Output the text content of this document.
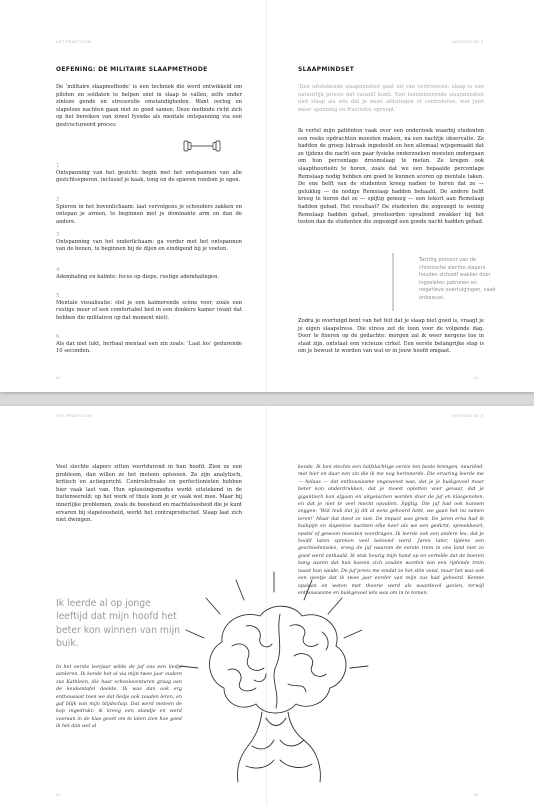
HET PRACTICUM
OEFENING: DE MILITAIRE SLAAPMETHODE

De ‘militaire slaapmethode’ is een techniek die werd ontwikkeld om piloten en soldaten te helpen snel in slaap te vallen, zelfs onder zinloze gende en stressvolle omstandigheden. Want oorlog en slapeloze nachten gaan niet zo goed samen. Deze methode richt zich op het bereiken van zowel fysieke als mentale ontspanning via een gestructureerd proces:

1
Ontspanning van het gezicht: begin met het ontspannen van alle gezichtsspieren, inclusief je kaak, tong en de spieren rondom je ogen.
2
Spieren in het bovenlichaam: laat vervolgens je schouders zakken en ontspan je armen, te beginnen met je dominante arm en dan de andere.
3
Ontspanning van het onderlichaam: ga verder met het ontspannen van de benen, te beginnen bij de dijen en eindigend bij je voeten.
4
Ademhaling en kalmte: focus op diepe, rustige ademhalingen.
5
Mentale visualisatie: stel je een kalmerende scène voor, zoals een rustige meer of een comfortabel bed in een donkere kamer (want dat hebben die militairen op dat moment niet).
6
Als dat niet lukt, herhaal mentaal een zin zoals: ‘Laat los’ gedurende 10 seconden.
60
HOOFDSTUK 3
SLAAPMINDSET

‘Een uitstekende slaapmindset gaat uit van vertrouwen: slaap is een natuurlijk proces dat vanzelf komt. Een belemmerende slaapmindset niet slaap als iets dat je moet afdwingen of controleren, wat juist meer spanning en frustratie oproept.’

Ik vertel mijn patiënten vaak over een onderzoek waarbij studenten een reeks opdrachten moesten maken, na een nachtje observatie. Ze hadden de groep lukraak ingedeeld en hen allemaal wijsgemaakt dat ze tijdens die nacht een paar fysieke onderzoeken moesten ondergaan om hun percentage droomslaap te meten. Ze kregen ook slaaptheorieën te horen, zoals dat we een bepaalde percentage Remslaap nodig hebben om goed te kunnen scoren op mentale taken. De ene helft van de studenten kreeg nadien te horen dat ze — gelukkig — de nodige Remslaap hadden behaald. De andere helft kreeg te horen dat ze — spijtig genoeg — een tekort aan Remslaap hadden gehad. Het resultaat? De studenten die zogezegd te weinig Remslaap hadden gehad, presteerden opvallend zwakker bij het testen dan de studenten die zogezegd een goede nacht hadden gehad.

Tachtig procent van de chronische slechte slapers houden zichzelf wakker door ingesleten patronen en negatieve overtuigingen, vaak onbewust.

Zodra je overtuigd bent van het feit dat je slaap niet goed is, vraagt je je eigen slaapstress. Die stress zet de toon voor de volgende dag. Door te fixeren op de gedachte: morgen zal ik weer nergens toe in staat zijn, ontstaat een vicieuze cirkel. Een eerste belangrijke stap is om je bewust te worden van wat er in jouw hoofd omgaat.

61
HET PRACTICUM	HOOFDSTUK 3

Veel slechte slapers zitten voortdurend in hun hoofd. Zien ze een probleem, dan willen ze het meteen oplossen. Ze zijn analytisch, kritisch en actiegericht. Controlefreaks en perfectionisten hebben hier vaak last van. Hun oplossingsmodus werkt uitstekend in de buitenwereld: op het werk of thuis kom je er vaak wel mee. Maar bij innerlijke problemen, zoals de boosheid en machteloosheid die je kunt ervaren bij slapeloosheid, werkt het contraproductief. Slaap laat zich niet dwingen.

Ik leerde al op jonge leeftijd dat mijn hoofd het beter kon winnen van mijn buik.

In het eerste leerjaar wilde de juf ons een liedje aanleren. Ik kende het al via mijn twee jaar oudere zus Kathleen, die haar schoolavonturen graag aan de keukentafel deelde. Ik was dan ook erg enthousiast toen we dat liedje ook zouden leren, en gaf blijk van mijn blijdschap. Dat werd meteen de kop ingedrukt: ik kreeg een standje en werd vooraan in de klas gezet om te laten zien hoe goed ik het dan wel al

kende. Ik ben slechts een halfslachtige versie ten beste brengen, neuriënd, met hier en daar een zin die ik me nog herinnerde. Die ervaring leerde me — helaas — dat enthousiasme ongewenst was, dat je je buikgevoel maar beter kon onderdrukken, dat je moest opletten voor gevaar, dat je gigantisch kon afgaan en uitgelachen worden door de juf en klasgenoten, en dat je niet te veel mocht opvallen. Spijtig. Die juf had ook kunnen zeggen: ‘Wat leuk dat jij dit al eens gehoord hebt, we gaan het nu samen leren!’ Maar dat deed ze niet. De impact was groot. De jaren erna had ik buikpijn en slapeloze nachten elke keer als we een gedicht, spreekbeurt, opstel of gewoon moesten voordragen. Ik leerde ook een andere les: dat je hoofd laten spreken veel beloond werd. Jaren later, tijdens een geschiedenisles, vroeg de juf waarom de eerste trein in ons land niet zo goed werd onthaald. Ik stak heurig mijn hand op en vertelde dat de boeren bang waren dat hun koeien zich zouden worden van een rijdende trein naast hun weide. De juf prees me omdat ze het slim vond, maar het was ook een weetje dat ik twee jaar eerder van mijn zus had gehoord. Kennis opslaan en weten met theorie werd als waardevol gezien, terwijl enthousiasme en buikgevoel iets was om in te tomen.

62	63
